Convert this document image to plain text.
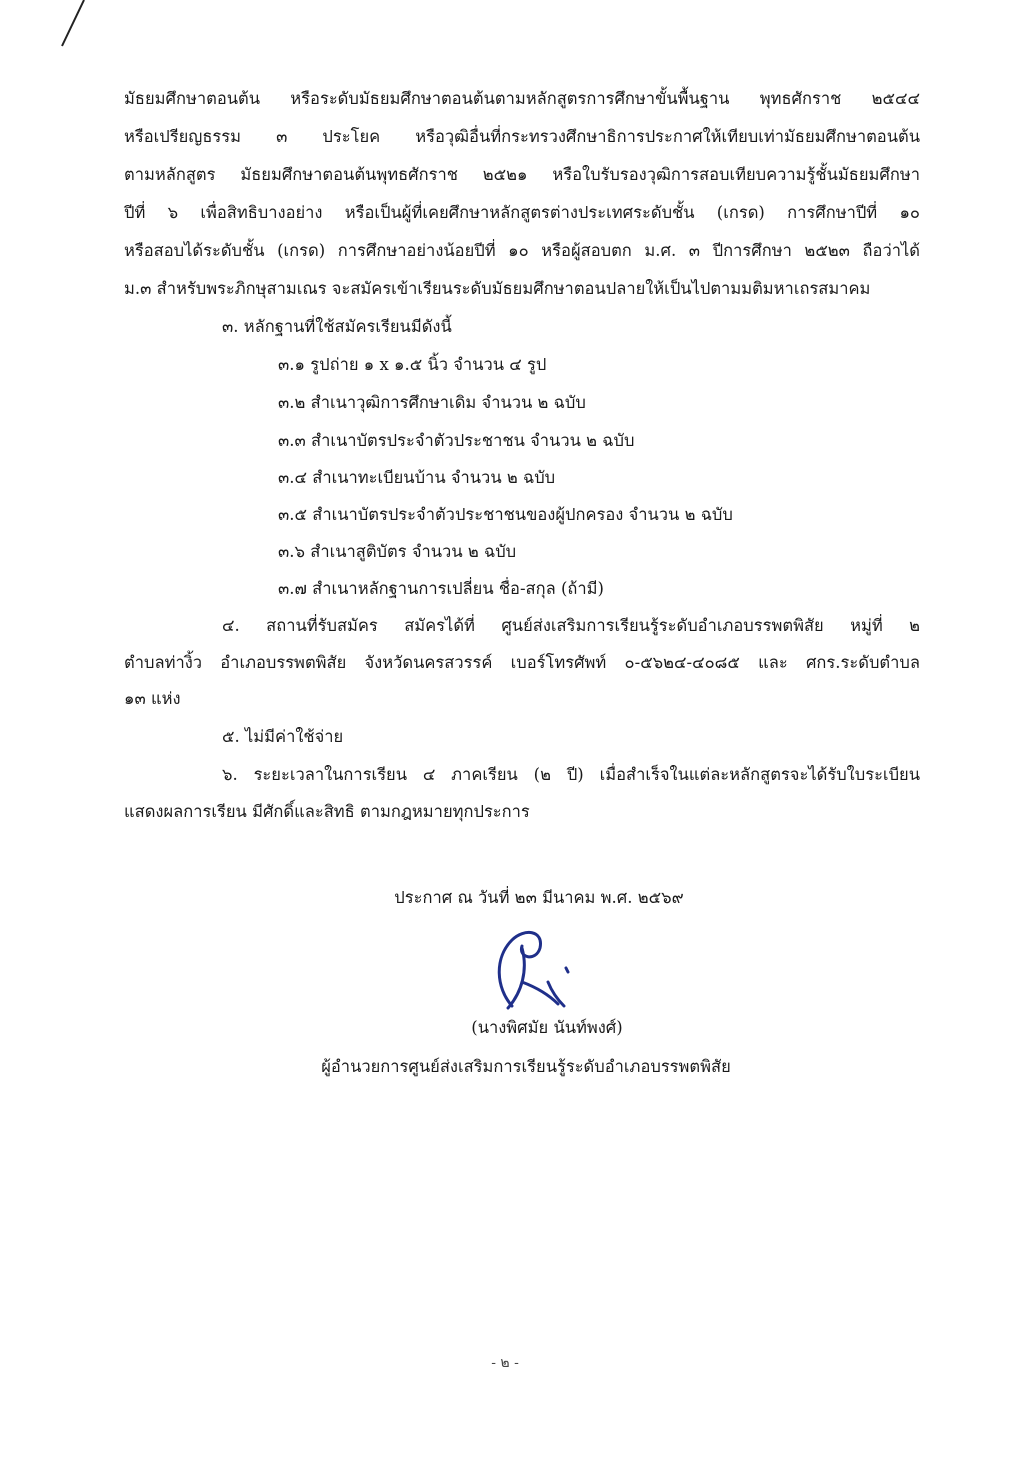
มัธยมศึกษาตอนต้น หรือระดับมัธยมศึกษาตอนต้นตามหลักสูตรการศึกษาขั้นพื้นฐาน พุทธศักราช ๒๕๔๔
หรือเปรียญธรรม ๓ ประโยค หรือวุฒิอื่นที่กระทรวงศึกษาธิการประกาศให้เทียบเท่ามัธยมศึกษาตอนต้น
ตามหลักสูตร มัธยมศึกษาตอนต้นพุทธศักราช ๒๕๒๑ หรือใบรับรองวุฒิการสอบเทียบความรู้ชั้นมัธยมศึกษา
ปีที่ ๖ เพื่อสิทธิบางอย่าง หรือเป็นผู้ที่เคยศึกษาหลักสูตรต่างประเทศระดับชั้น (เกรด) การศึกษาปีที่ ๑๐
หรือสอบได้ระดับชั้น (เกรด) การศึกษาอย่างน้อยปีที่ ๑๐ หรือผู้สอบตก ม.ศ. ๓ ปีการศึกษา ๒๕๒๓ ถือว่าได้
ม.๓ สำหรับพระภิกษุสามเณร จะสมัครเข้าเรียนระดับมัธยมศึกษาตอนปลายให้เป็นไปตามมติมหาเถรสมาคม
๓. หลักฐานที่ใช้สมัครเรียนมีดังนี้
๓.๑ รูปถ่าย ๑ x ๑.๕ นิ้ว จำนวน ๔ รูป
๓.๒ สำเนาวุฒิการศึกษาเดิม จำนวน ๒ ฉบับ
๓.๓ สำเนาบัตรประจำตัวประชาชน จำนวน ๒ ฉบับ
๓.๔ สำเนาทะเบียนบ้าน จำนวน ๒ ฉบับ
๓.๕ สำเนาบัตรประจำตัวประชาชนของผู้ปกครอง จำนวน ๒ ฉบับ
๓.๖ สำเนาสูติบัตร จำนวน ๒ ฉบับ
๓.๗ สำเนาหลักฐานการเปลี่ยน ชื่อ-สกุล (ถ้ามี)
๔. สถานที่รับสมัคร สมัครได้ที่ ศูนย์ส่งเสริมการเรียนรู้ระดับอำเภอบรรพตพิสัย หมู่ที่ ๒
ตำบลท่างิ้ว อำเภอบรรพตพิสัย จังหวัดนครสวรรค์ เบอร์โทรศัพท์ ๐-๕๖๒๔-๔๐๘๕ และ ศกร.ระดับตำบล
๑๓ แห่ง
๕. ไม่มีค่าใช้จ่าย
๖. ระยะเวลาในการเรียน ๔ ภาคเรียน (๒ ปี) เมื่อสำเร็จในแต่ละหลักสูตรจะได้รับใบระเบียน
แสดงผลการเรียน มีศักดิ์และสิทธิ ตามกฎหมายทุกประการ
ประกาศ ณ วันที่ ๒๓ มีนาคม พ.ศ. ๒๕๖๙
(นางพิศมัย นันท์พงศ์)
ผู้อำนวยการศูนย์ส่งเสริมการเรียนรู้ระดับอำเภอบรรพตพิสัย
- ๒ -
